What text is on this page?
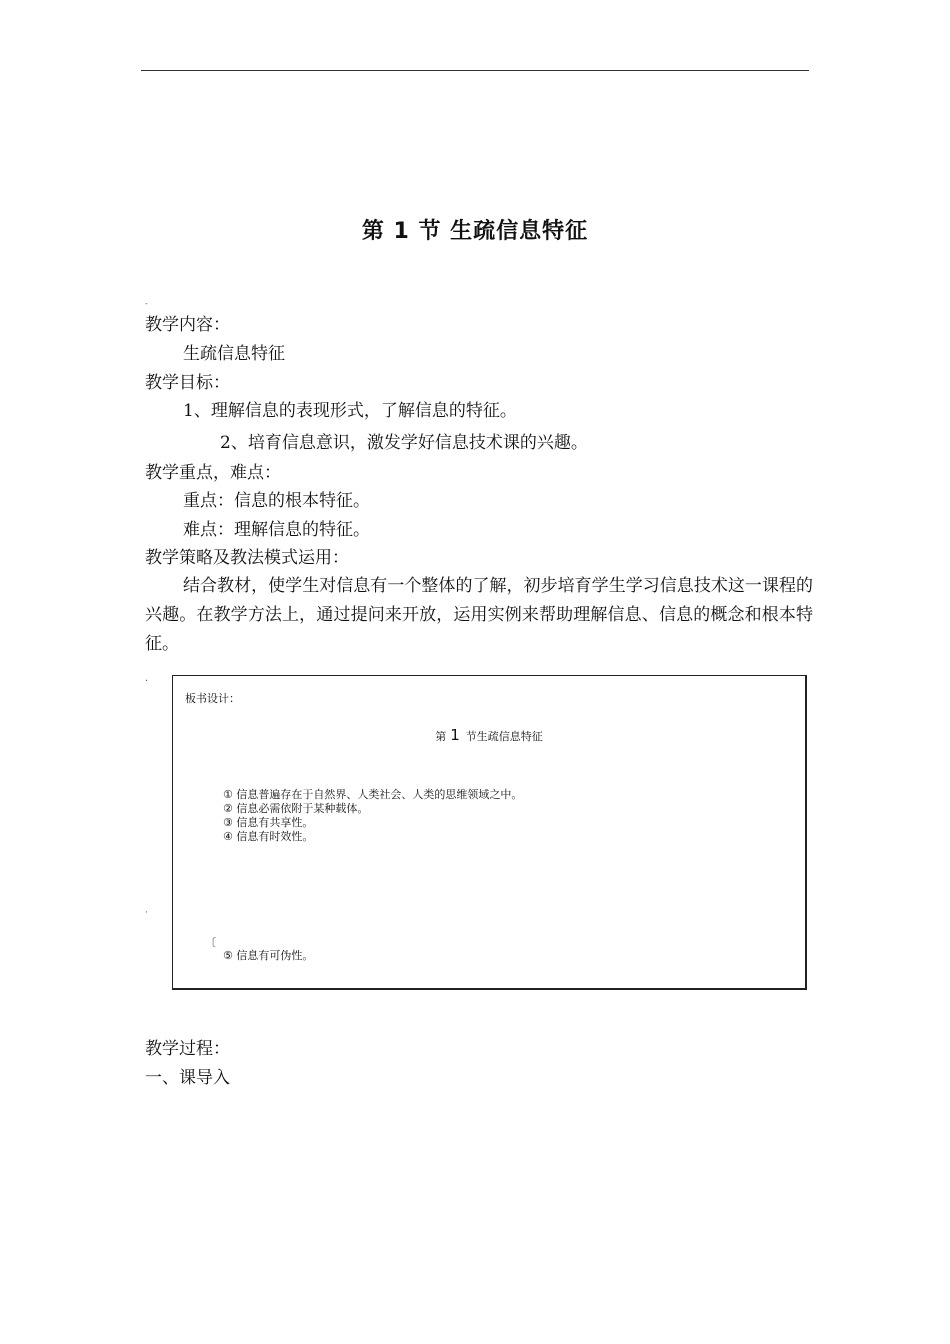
第 1 节 生疏信息特征
-
教学内容：
生疏信息特征
教学目标：
1、理解信息的表现形式，了解信息的特征。
2、培育信息意识，激发学好信息技术课的兴趣。
教学重点，难点：
重点：信息的根本特征。
难点：理解信息的特征。
教学策略及教法模式运用：
结合教材，使学生对信息有一个整体的了解，初步培育学生学习信息技术这一课程的兴趣。在教学方法上，通过提问来开放，运用实例来帮助理解信息、信息的概念和根本特征。
·
板书设计：
第 1 节生疏信息特征
① 信息普遍存在于自然界、人类社会、人类的思维领域之中。
② 信息必需依附于某种载体。
③ 信息有共享性。
④ 信息有时效性。
〔
⑤ 信息有可伪性。
·
教学过程：
一、课导入
